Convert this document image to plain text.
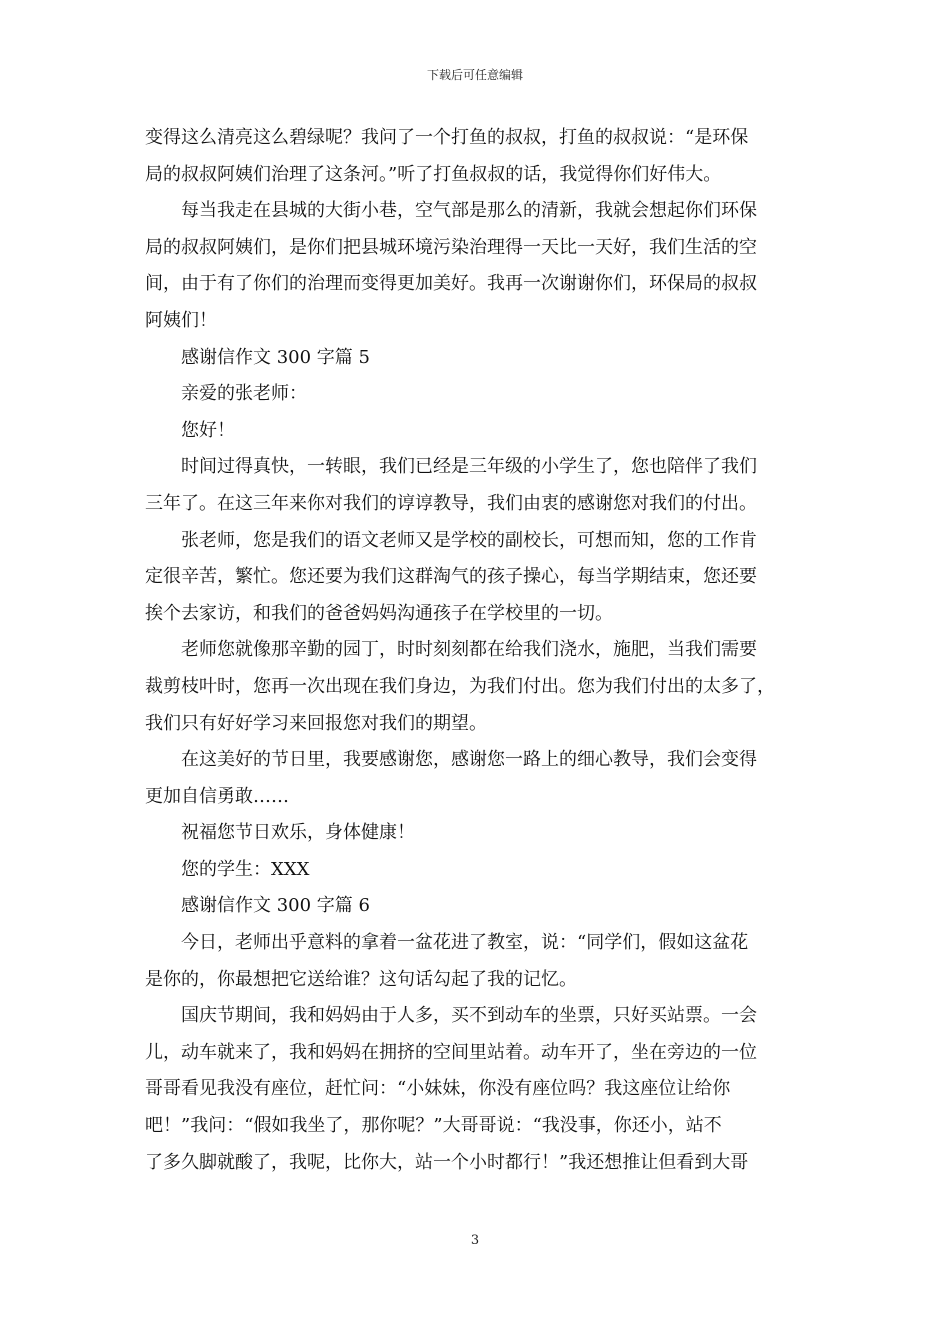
下载后可任意编辑
变得这么清亮这么碧绿呢？我问了一个打鱼的叔叔，打鱼的叔叔说：“是环保
局的叔叔阿姨们治理了这条河。”听了打鱼叔叔的话，我觉得你们好伟大。
每当我走在县城的大街小巷，空气部是那么的清新，我就会想起你们环保
局的叔叔阿姨们，是你们把县城环境污染治理得一天比一天好，我们生活的空
间，由于有了你们的治理而变得更加美好。我再一次谢谢你们，环保局的叔叔
阿姨们！
感谢信作文 300 字篇 5
亲爱的张老师：
您好！
时间过得真快，一转眼，我们已经是三年级的小学生了，您也陪伴了我们
三年了。在这三年来你对我们的谆谆教导，我们由衷的感谢您对我们的付出。
张老师，您是我们的语文老师又是学校的副校长，可想而知，您的工作肯
定很辛苦，繁忙。您还要为我们这群淘气的孩子操心，每当学期结束，您还要
挨个去家访，和我们的爸爸妈妈沟通孩子在学校里的一切。
老师您就像那辛勤的园丁，时时刻刻都在给我们浇水，施肥，当我们需要
裁剪枝叶时，您再一次出现在我们身边，为我们付出。您为我们付出的太多了，
我们只有好好学习来回报您对我们的期望。
在这美好的节日里，我要感谢您，感谢您一路上的细心教导，我们会变得
更加自信勇敢……
祝福您节日欢乐，身体健康！
您的学生：XXX
感谢信作文 300 字篇 6
今日，老师出乎意料的拿着一盆花进了教室，说：“同学们，假如这盆花
是你的，你最想把它送给谁？这句话勾起了我的记忆。
国庆节期间，我和妈妈由于人多，买不到动车的坐票，只好买站票。一会
儿，动车就来了，我和妈妈在拥挤的空间里站着。动车开了，坐在旁边的一位
哥哥看见我没有座位，赶忙问：“小妹妹，你没有座位吗？我这座位让给你
吧！”我问：“假如我坐了，那你呢？”大哥哥说：“我没事，你还小，站不
了多久脚就酸了，我呢，比你大，站一个小时都行！”我还想推让但看到大哥
3
